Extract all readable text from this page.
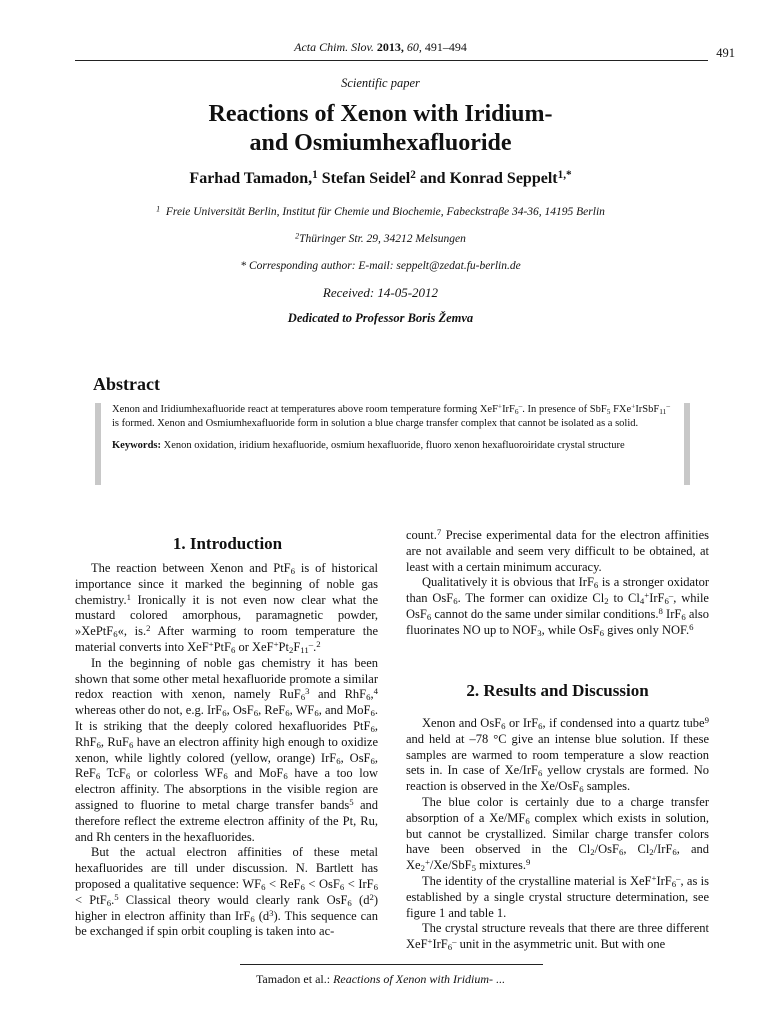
Acta Chim. Slov. 2013, 60, 491–494	491
Scientific paper
Reactions of Xenon with Iridium-
and Osmiumhexafluoride
Farhad Tamadon,$^1$ Stefan Seidel$^2$ and Konrad Seppelt$^{1,*}$
$^1$ Freie Universität Berlin, Institut für Chemie und Biochemie, Fabeckstraβe 34-36, 14195 Berlin
$^2$Thüringer Str. 29, 34212 Melsungen
* Corresponding author: E-mail: seppelt@zedat.fu-berlin.de
Received: 14-05-2012
Dedicated to Professor Boris Žemva
Abstract

Xenon and Iridiumhexafluoride react at temperatures above room temperature forming XeF+IrF$_6$–. In presence of SbF$_5$ FXe+IrSbF$_{11}$– is formed. Xenon and Osmiumhexafluoride form in solution a blue charge transfer complex that cannot be isolated as a solid.

Keywords: Xenon oxidation, iridium hexafluoride, osmium hexafluoride, fluoro xenon hexafluoroiridate crystal structure

1. Introduction

The reaction between Xenon and PtF$_6$ is of historical importance since it marked the beginning of noble gas chemistry.$^1$ Ironically it is not even now clear what the mustard colored amorphous, paramagnetic powder, »XePtF$_6$«, is.$^2$ After warming to room temperature the material converts into XeF+PtF$_6$ or $XeF^+Pt_2F_{11}^-.^2$

In the beginning of noble gas chemistry it has been shown that some other metal hexafluoride promote a similar redox reaction with xenon, namely RuF$_6^3$ and RhF$_6$,$^4$ whereas other do not, e.g. IrF$_6$, OsF$_6$, ReF$_6$, $WF_6$, and MoF$_6$. It is striking that the deeply colored hexafluorides PtF$_6$, RhF$_6$, RuF$_6$ have an electron affinity high enough to oxidize xenon, while lightly colored (yellow, orange) IrF$_6$, OsF$_6$, ReF$_6$ TcF$_6$ or colorless $WF_6$ and MoF$_6$ have a too low electron affinity. The absorptions in the visible region are assigned to fluorine to metal charge transfer bands$^5$ and therefore reflect the extreme electron affinity of the Pt, Ru, and Rh centers in the hexafluorides.

But the actual electron affinities of these metal hexafluorides are till under discussion. N. Bartlett has proposed a qualitative sequence: $WF_6 < ReF_6 < OsF_6 < IrF_6 < PtF_6.^5$ Classical theory would clearly rank OsF$_6$ $(d^2)$ higher in electron affinity than IrF$_6$ $(d^3)$. This sequence can be exchanged if spin orbit coupling is taken into ac-

count.$^7$ Precise experimental data for the electron affinities are not available and seem very difficult to be obtained, at least with a certain minimum accuracy.

Qualitatively it is obvious that IrF$_6$ is a stronger oxidator than OsF$_6$. The former can oxidize $Cl_2$ to $Cl_4^+IrF_6^-$, while OsF$_6$ cannot do the same under similar conditions.$^8$ IrF$_6$ also fluorinates NO up to $NOF_3$, while OsF$_6$ gives only NOF.$^6$

2. Results and Discussion

Xenon and OsF$_6$ or IrF$_6$, if condensed into a quartz tube$^9$ and held at –78 °C give an intense blue solution. If these samples are warmed to room temperature a slow reaction sets in. In case of Xe/IrF$_6$ yellow crystals are formed. No reaction is observed in the Xe/OsF$_6$ samples.

The blue color is certainly due to a charge transfer absorption of a $Xe/MF_6$ complex which exists in solution, but cannot be crystallized. Similar charge transfer colors have been observed in the $Cl_2/OsF_6$, $Cl_2/IrF_6$, and $Xe_2^+/Xe/SbF_5$ mixtures.$^9$

The identity of the crystalline material is XeF+IrF$_6$–, as is established by a single crystal structure determination, see figure 1 and table 1.

The crystal structure reveals that there are three different XeF+IrF$_6$– unit in the asymmetric unit. But with one

Tamadon et al.: Reactions of Xenon with Iridium- ...
